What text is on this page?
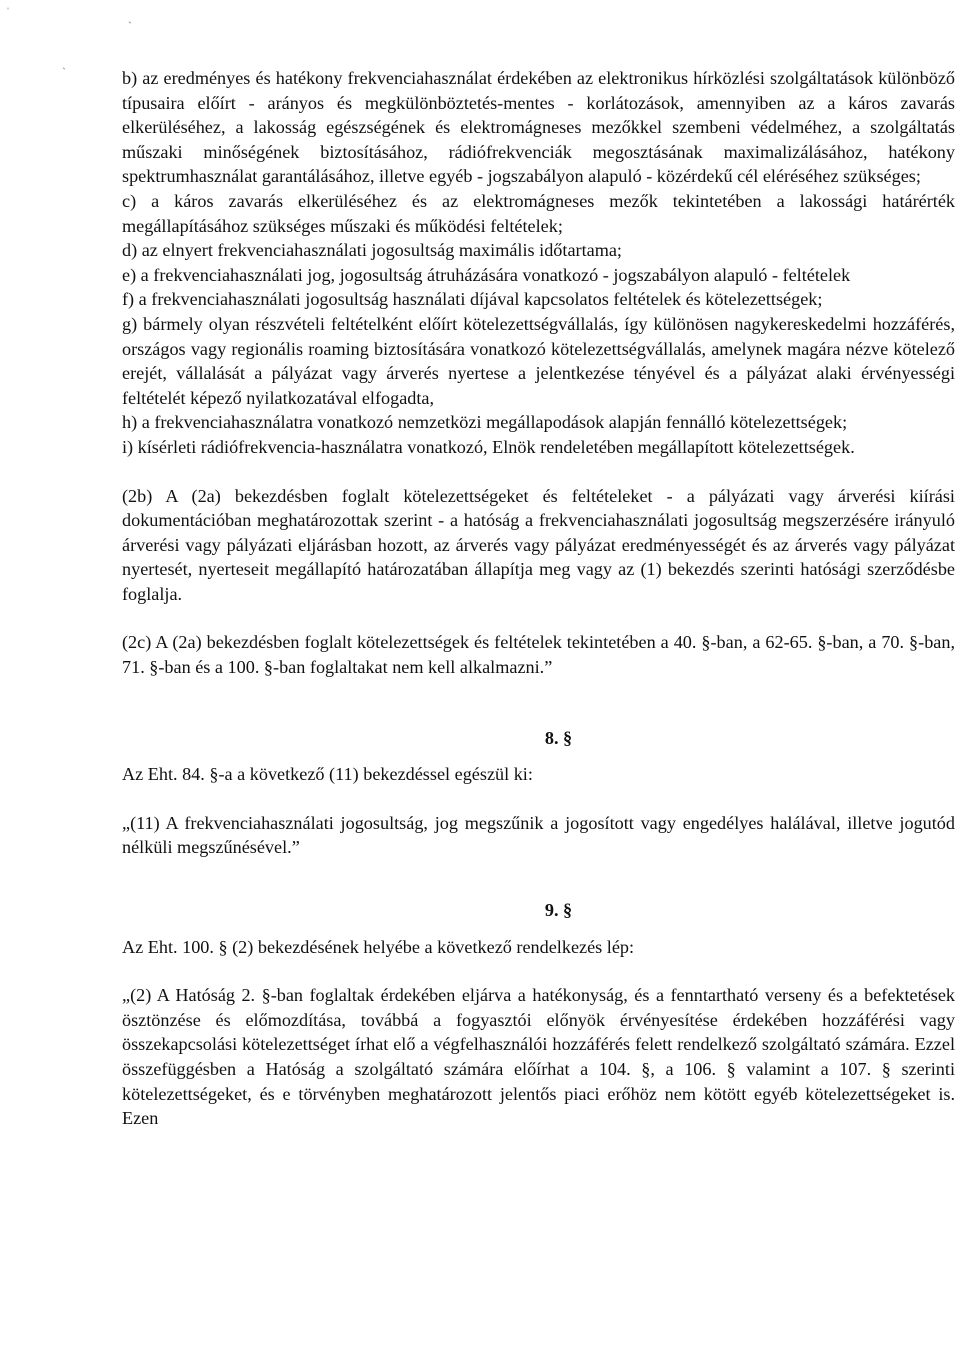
ˈ
ˋ
ˋ	b) az eredményes és hatékony frekvenciahasználat érdekében az elektronikus hírközlési szolgáltatások különböző típusaira előírt - arányos és megkülönböztetés-mentes - korlátozások, amennyiben az a káros zavarás elkerüléséhez, a lakosság egészségének és elektromágneses mezőkkel szembeni védelméhez, a szolgáltatás műszaki minőségének biztosításához, rádiófrekvenciák megosztásának maximalizálásához, hatékony spektrumhasználat garantálásához, illetve egyéb - jogszabályon alapuló - közérdekű cél eléréséhez szükséges;

c) a káros zavarás elkerüléséhez és az elektromágneses mezők tekintetében a lakossági határérték megállapításához szükséges műszaki és működési feltételek;

d) az elnyert frekvenciahasználati jogosultság maximális időtartama;

e) a frekvenciahasználati jog, jogosultság átruházására vonatkozó - jogszabályon alapuló - feltételek

f) a frekvenciahasználati jogosultság használati díjával kapcsolatos feltételek és kötelezettségek;

g) bármely olyan részvételi feltételként előírt kötelezettségvállalás, így különösen nagykereskedelmi hozzáférés, országos vagy regionális roaming biztosítására vonatkozó kötelezettségvállalás, amelynek magára nézve kötelező erejét, vállalását a pályázat vagy árverés nyertese a jelentkezése tényével és a pályázat alaki érvényességi feltételét képező nyilatkozatával elfogadta,

h) a frekvenciahasználatra vonatkozó nemzetközi megállapodások alapján fennálló kötelezettségek;

i) kísérleti rádiófrekvencia-használatra vonatkozó, Elnök rendeletében megállapított kötelezettségek.

(2b) A (2a) bekezdésben foglalt kötelezettségeket és feltételeket - a pályázati vagy árverési kiírási dokumentációban meghatározottak szerint - a hatóság a frekvenciahasználati jogosultság megszerzésére irányuló árverési vagy pályázati eljárásban hozott, az árverés vagy pályázat eredményességét és az árverés vagy pályázat nyertesét, nyerteseit megállapító határozatában állapítja meg vagy az (1) bekezdés szerinti hatósági szerződésbe foglalja.

(2c) A (2a) bekezdésben foglalt kötelezettségek és feltételek tekintetében a 40. §-ban, a 62-65. §-ban, a 70. §-ban, 71. §-ban és a 100. §-ban foglaltakat nem kell alkalmazni.”

8. §

Az Eht. 84. §-a a következő (11) bekezdéssel egészül ki:

„(11) A frekvenciahasználati jogosultság, jog megszűnik a jogosított vagy engedélyes halálával, illetve jogutód nélküli megszűnésével.”

9. §

Az Eht. 100. § (2) bekezdésének helyébe a következő rendelkezés lép:

„(2) A Hatóság 2. §-ban foglaltak érdekében eljárva a hatékonyság, és a fenntartható verseny és a befektetések ösztönzése és előmozdítása, továbbá a fogyasztói előnyök érvényesítése érdekében hozzáférési vagy összekapcsolási kötelezettséget írhat elő a végfelhasználói hozzáférés felett rendelkező szolgáltató számára. Ezzel összefüggésben a Hatóság a szolgáltató számára előírhat a 104. §, a 106. § valamint a 107. § szerinti kötelezettségeket, és e törvényben meghatározott jelentős piaci erőhöz nem kötött egyéb kötelezettségeket is. Ezen
